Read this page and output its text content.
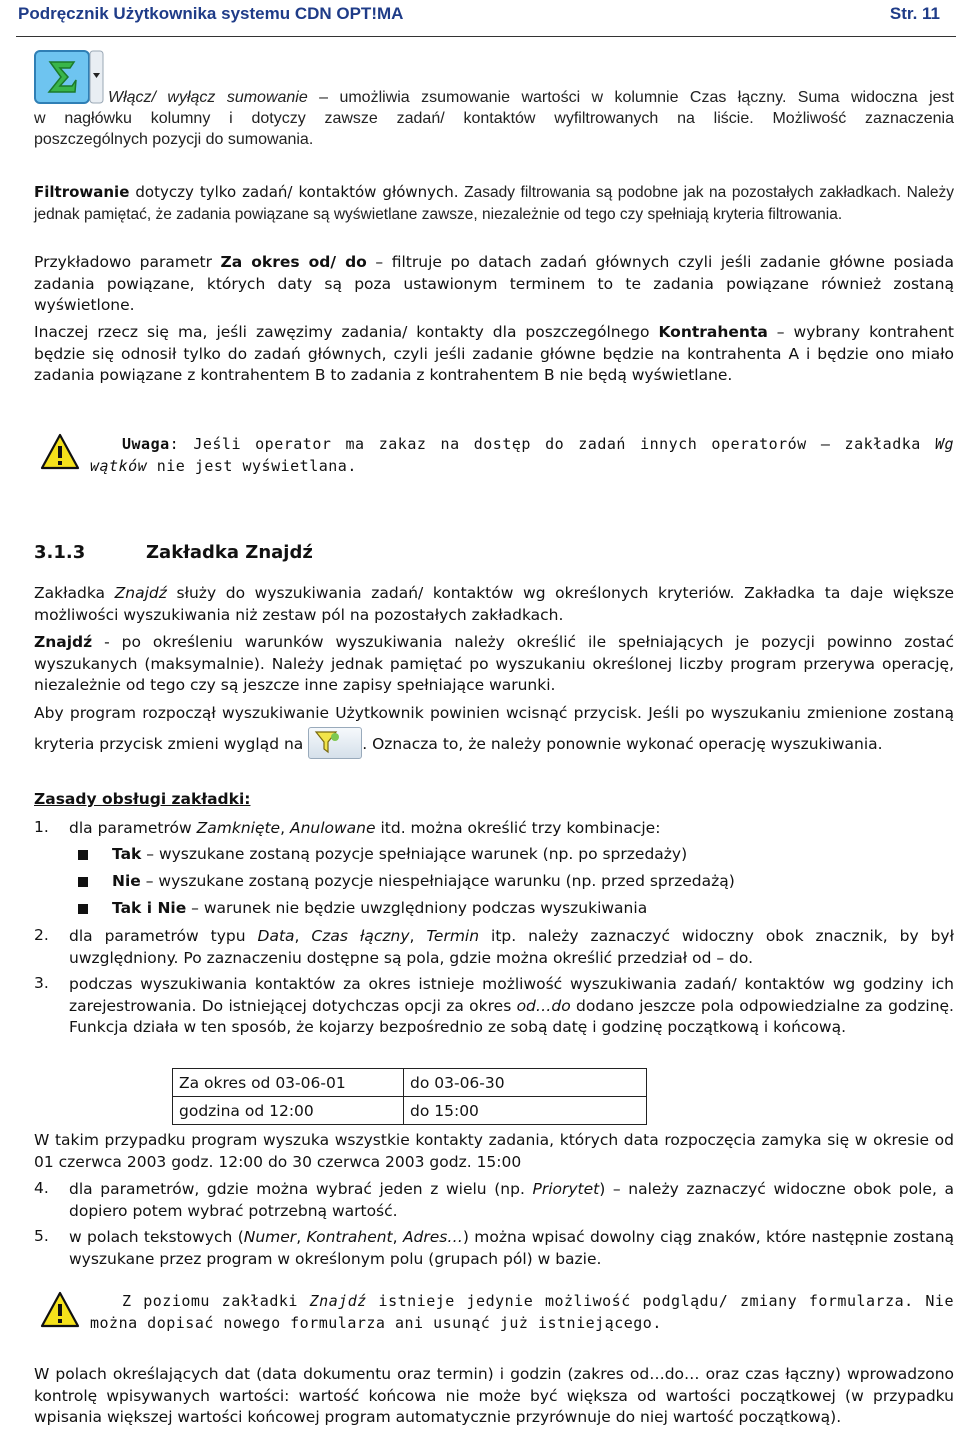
Podręcznik Użytkownika systemu CDN OPT!MA	Str. 11
Włącz/ wyłącz sumowanie – umożliwia zsumowanie wartości w kolumnie Czas łączny. Suma widoczna jest
w nagłówku kolumny i dotyczy zawsze zadań/ kontaktów wyfiltrowanych na liście. Możliwość zaznaczenia
poszczególnych pozycji do sumowania.
Filtrowanie dotyczy tylko zadań/ kontaktów głównych. Zasady filtrowania są podobne jak na pozostałych zakładkach. Należy jednak pamiętać, że zadania powiązane są wyświetlane zawsze, niezależnie od tego czy spełniają kryteria filtrowania.
Przykładowo parametr Za okres od/ do – filtruje po datach zadań głównych czyli jeśli zadanie główne posiada zadania powiązane, których daty są poza ustawionym terminem to te zadania powiązane również zostaną wyświetlone.
Inaczej rzecz się ma, jeśli zawęzimy zadania/ kontakty dla poszczególnego Kontrahenta – wybrany kontrahent będzie się odnosił tylko do zadań głównych, czyli jeśli zadanie główne będzie na kontrahenta A i będzie ono miało zadania powiązane z kontrahentem B to zadania z kontrahentem B nie będą wyświetlane.
Uwaga: Jeśli operator ma zakaz na dostęp do zadań innych operatorów – zakładka Wg wątków nie jest wyświetlana.
3.1.3	Zakładka Znajdź
Zakładka Znajdź służy do wyszukiwania zadań/ kontaktów wg określonych kryteriów. Zakładka ta daje większe możliwości wyszukiwania niż zestaw pól na pozostałych zakładkach.
Znajdź - po określeniu warunków wyszukiwania należy określić ile spełniających je pozycji powinno zostać wyszukanych (maksymalnie). Należy jednak pamiętać po wyszukaniu określonej liczby program przerywa operację, niezależnie od tego czy są jeszcze inne zapisy spełniające warunki.
Aby program rozpoczął wyszukiwanie Użytkownik powinien wcisnąć przycisk. Jeśli po wyszukaniu zmienione zostaną
kryteria przycisk zmieni wygląd na	. Oznacza to, że należy ponownie wykonać operację wyszukiwania.
Zasady obsługi zakładki:
1.	dla parametrów Zamknięte, Anulowane itd. można określić trzy kombinacje:
Tak – wyszukane zostaną pozycje spełniające warunek (np. po sprzedaży)
Nie – wyszukane zostaną pozycje niespełniające warunku (np. przed sprzedażą)
Tak i Nie – warunek nie będzie uwzględniony podczas wyszukiwania
2.	dla parametrów typu Data, Czas łączny, Termin itp. należy zaznaczyć widoczny obok znacznik, by był uwzględniony. Po zaznaczeniu dostępne są pola, gdzie można określić przedział od – do.
3.	podczas wyszukiwania kontaktów za okres istnieje możliwość wyszukiwania zadań/ kontaktów wg godziny ich zarejestrowania. Do istniejącej dotychczas opcji za okres od…do dodano jeszcze pola odpowiedzialne za godzinę. Funkcja działa w ten sposób, że kojarzy bezpośrednio ze sobą datę i godzinę początkową i końcową.
Za okres od 03-06-01	do 03-06-30
godzina od 12:00	do 15:00
W takim przypadku program wyszuka wszystkie kontakty zadania, których data rozpoczęcia zamyka się w okresie od 01 czerwca 2003 godz. 12:00 do 30 czerwca 2003 godz. 15:00
4.	dla parametrów, gdzie można wybrać jeden z wielu (np. Priorytet) – należy zaznaczyć widoczne obok pole, a dopiero potem wybrać potrzebną wartość.
5.	w polach tekstowych (Numer, Kontrahent, Adres…) można wpisać dowolny ciąg znaków, które następnie zostaną wyszukane przez program w określonym polu (grupach pól) w bazie.
Z poziomu zakładki Znajdź istnieje jedynie możliwość podglądu/ zmiany formularza. Nie można dopisać nowego formularza ani usunąć już istniejącego.
W polach określających dat (data dokumentu oraz termin) i godzin (zakres od…do… oraz czas łączny) wprowadzono kontrolę wpisywanych wartości: wartość końcowa nie może być większa od wartości początkowej (w przypadku wpisania większej wartości końcowej program automatycznie przyrównuje do niej wartość początkową).
